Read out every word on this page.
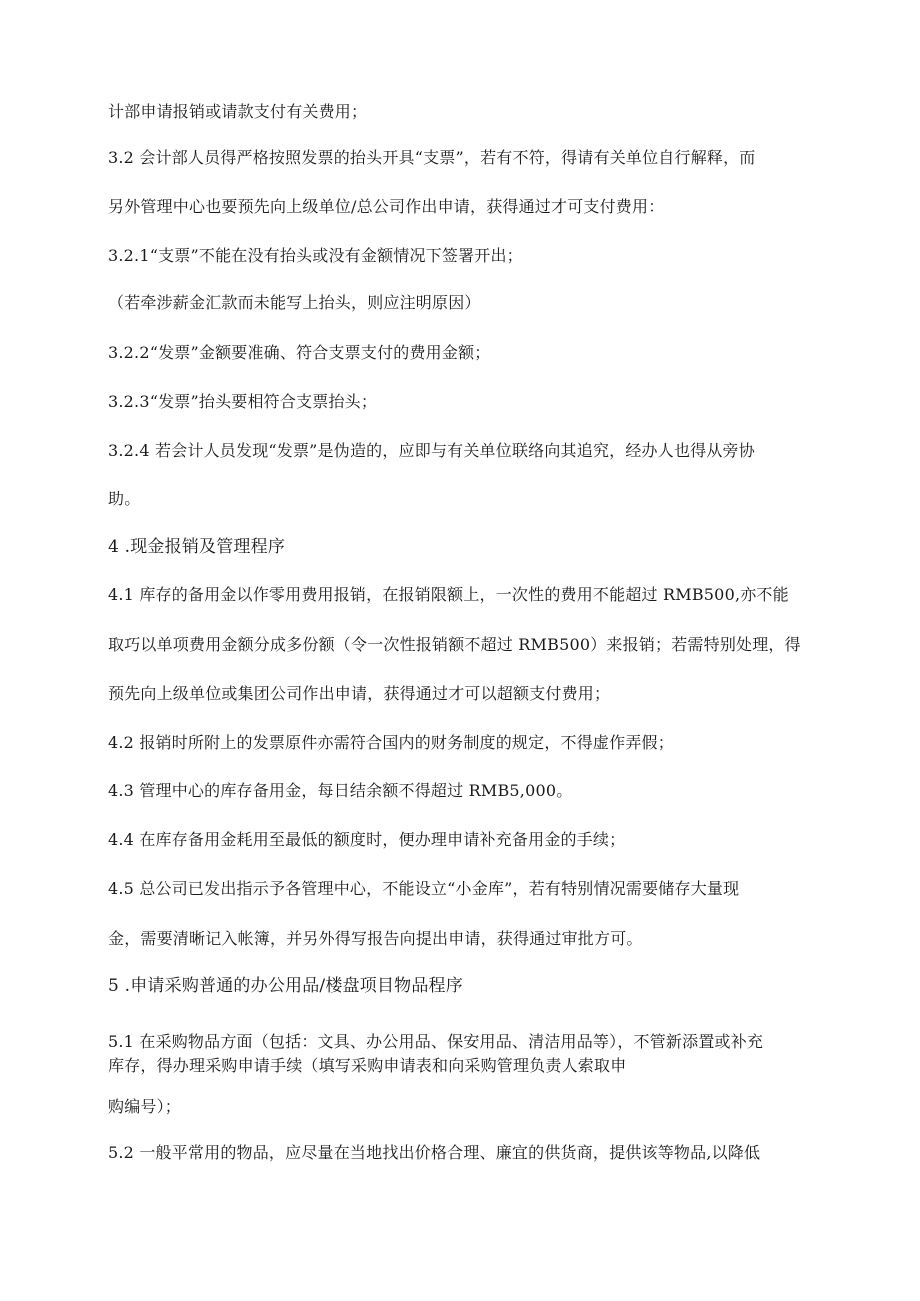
计部申请报销或请款支付有关费用；
3.2 会计部人员得严格按照发票的抬头开具“支票”，若有不符，得请有关单位自行解释，而
另外管理中心也要预先向上级单位/总公司作出申请，获得通过才可支付费用：
3.2.1“支票”不能在没有抬头或没有金额情况下签署开出；
（若牵涉薪金汇款而未能写上抬头，则应注明原因）
3.2.2“发票”金额要准确、符合支票支付的费用金额；
3.2.3“发票”抬头要相符合支票抬头；
3.2.4 若会计人员发现“发票”是伪造的，应即与有关单位联络向其追究，经办人也得从旁协
助。
4 .现金报销及管理程序
4.1 库存的备用金以作零用费用报销，在报销限额上，一次性的费用不能超过 RMB500,亦不能
取巧以单项费用金额分成多份额（令一次性报销额不超过 RMB500）来报销；若需特别处理，得
预先向上级单位或集团公司作出申请，获得通过才可以超额支付费用；
4.2 报销时所附上的发票原件亦需符合国内的财务制度的规定，不得虚作弄假；
4.3 管理中心的库存备用金，每日结余额不得超过 RMB5,000。
4.4 在库存备用金耗用至最低的额度时，便办理申请补充备用金的手续；
4.5 总公司已发出指示予各管理中心，不能设立“小金库”，若有特别情况需要储存大量现
金，需要清晰记入帐簿，并另外得写报告向提出申请，获得通过审批方可。
5 .申请采购普通的办公用品/楼盘项目物品程序
5.1 在采购物品方面（包括：文具、办公用品、保安用品、清洁用品等），不管新添置或补充
库存，得办理采购申请手续（填写采购申请表和向采购管理负责人索取申
购编号）；
5.2 一般平常用的物品，应尽量在当地找出价格合理、廉宜的供货商，提供该等物品,以降低
